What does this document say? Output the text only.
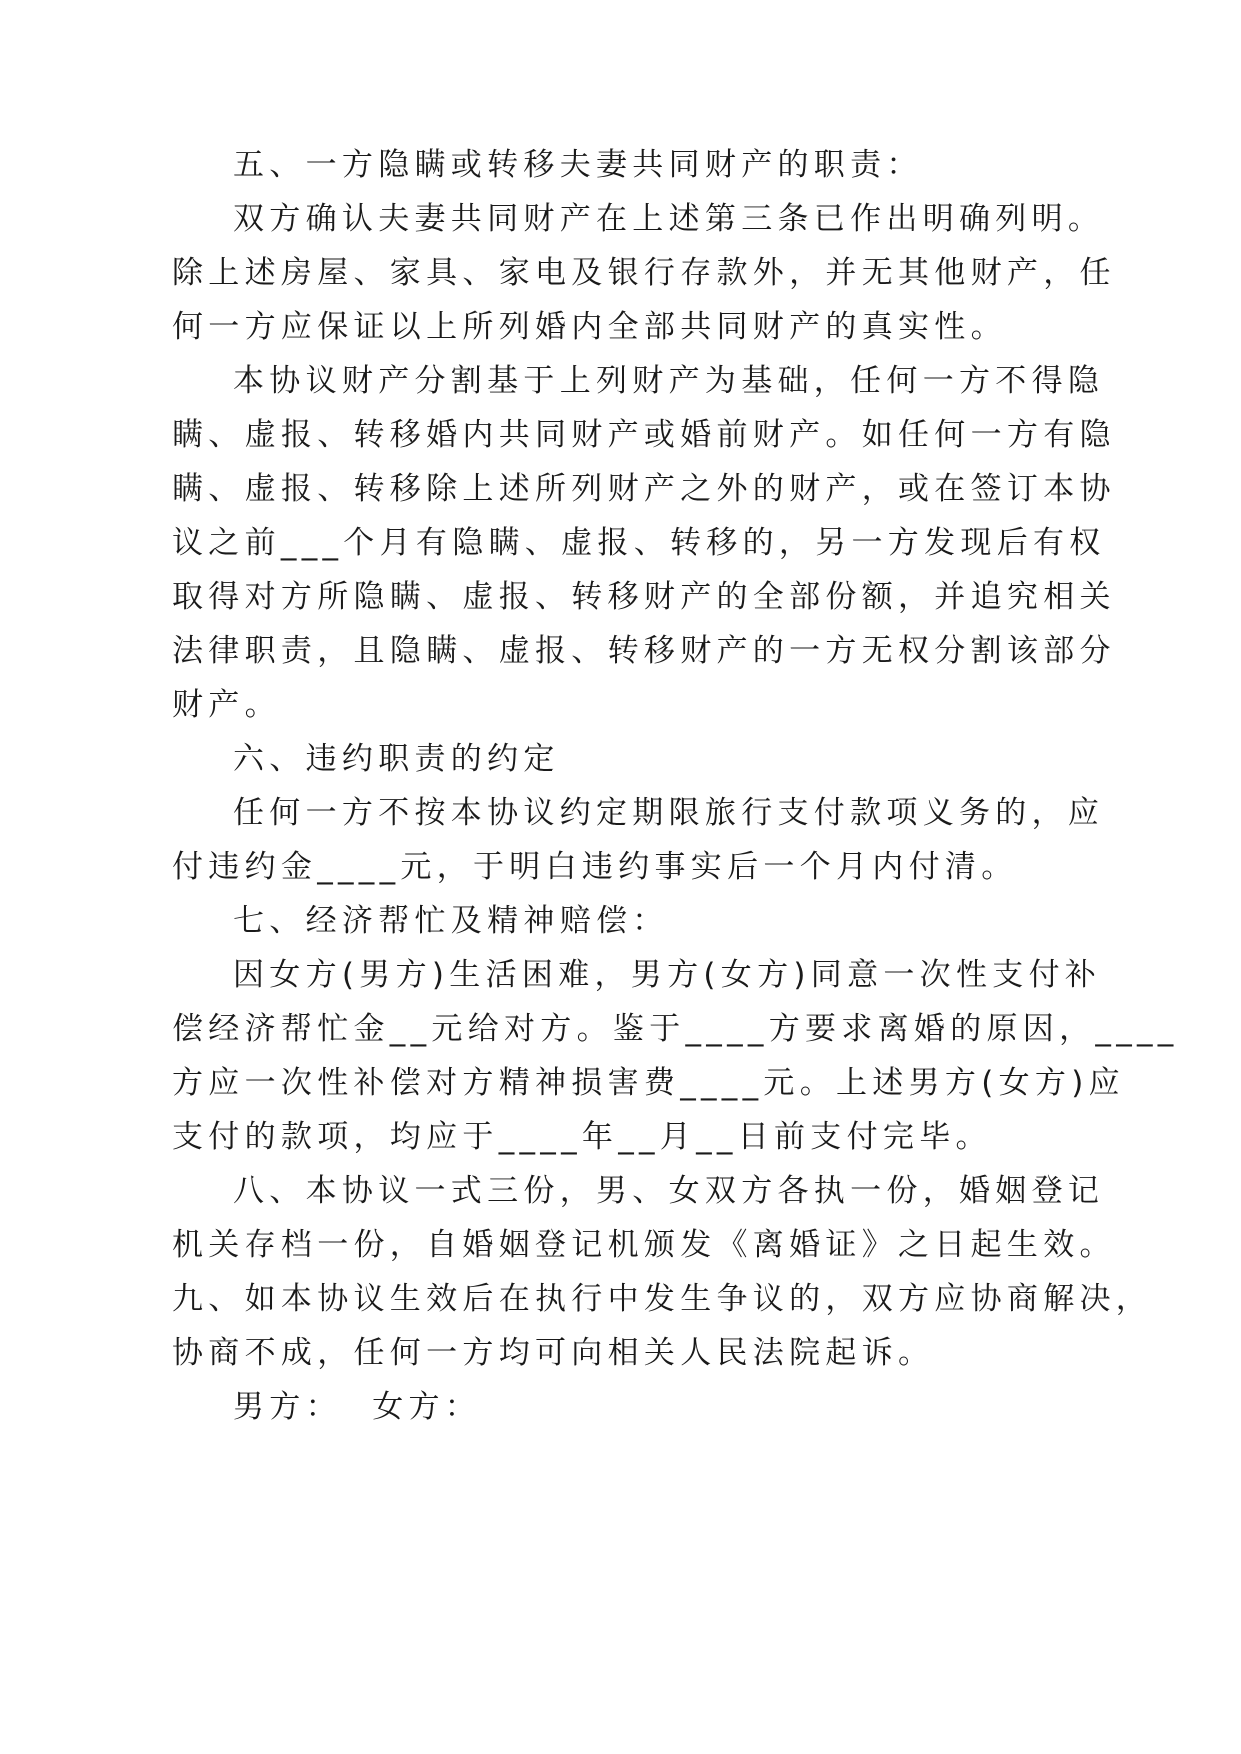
五、一方隐瞒或转移夫妻共同财产的职责：
双方确认夫妻共同财产在上述第三条已作出明确列明。
除上述房屋、家具、家电及银行存款外，并无其他财产，任
何一方应保证以上所列婚内全部共同财产的真实性。
本协议财产分割基于上列财产为基础，任何一方不得隐
瞒、虚报、转移婚内共同财产或婚前财产。如任何一方有隐
瞒、虚报、转移除上述所列财产之外的财产，或在签订本协
议之前___个月有隐瞒、虚报、转移的，另一方发现后有权
取得对方所隐瞒、虚报、转移财产的全部份额，并追究相关
法律职责，且隐瞒、虚报、转移财产的一方无权分割该部分
财产。
六、违约职责的约定
任何一方不按本协议约定期限旅行支付款项义务的，应
付违约金____元，于明白违约事实后一个月内付清。
七、经济帮忙及精神赔偿：
因女方(男方)生活困难，男方(女方)同意一次性支付补
偿经济帮忙金__元给对方。鉴于____方要求离婚的原因，____
方应一次性补偿对方精神损害费____元。上述男方(女方)应
支付的款项，均应于____年__月__日前支付完毕。
八、本协议一式三份，男、女双方各执一份，婚姻登记
机关存档一份，自婚姻登记机颁发《离婚证》之日起生效。
九、如本协议生效后在执行中发生争议的，双方应协商解决，
协商不成，任何一方均可向相关人民法院起诉。
男方：  女方：
